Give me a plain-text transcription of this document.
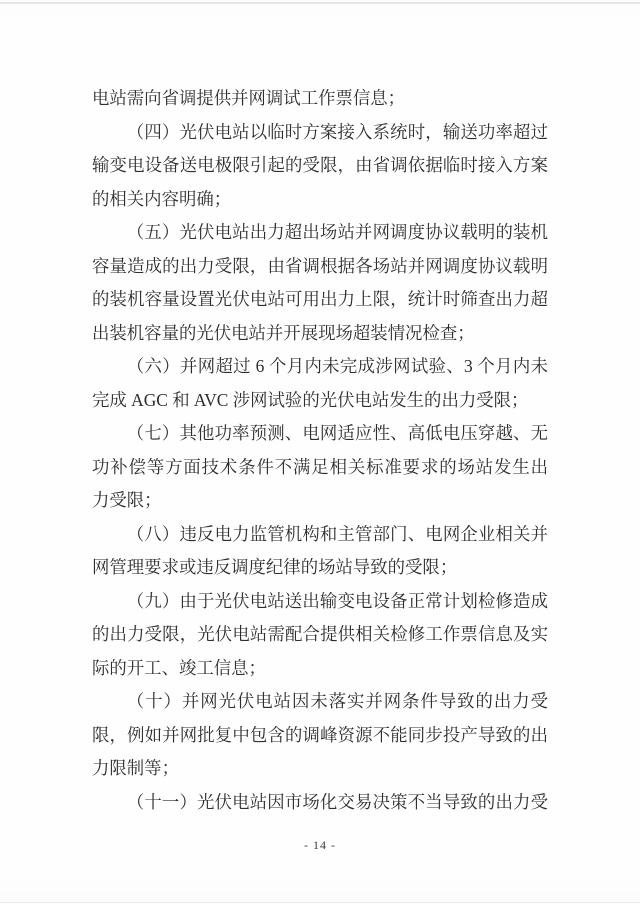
电站需向省调提供并网调试工作票信息；
（四）光伏电站以临时方案接入系统时，输送功率超过
输变电设备送电极限引起的受限，由省调依据临时接入方案
的相关内容明确；
（五）光伏电站出力超出场站并网调度协议载明的装机
容量造成的出力受限，由省调根据各场站并网调度协议载明
的装机容量设置光伏电站可用出力上限，统计时筛查出力超
出装机容量的光伏电站并开展现场超装情况检查；
（六）并网超过 6 个月内未完成涉网试验、3 个月内未
完成 AGC 和 AVC 涉网试验的光伏电站发生的出力受限；
（七）其他功率预测、电网适应性、高低电压穿越、无
功补偿等方面技术条件不满足相关标准要求的场站发生出
力受限；
（八）违反电力监管机构和主管部门、电网企业相关并
网管理要求或违反调度纪律的场站导致的受限；
（九）由于光伏电站送出输变电设备正常计划检修造成
的出力受限，光伏电站需配合提供相关检修工作票信息及实
际的开工、竣工信息；
（十）并网光伏电站因未落实并网条件导致的出力受
限，例如并网批复中包含的调峰资源不能同步投产导致的出
力限制等；
（十一）光伏电站因市场化交易决策不当导致的出力受
- 14 -
